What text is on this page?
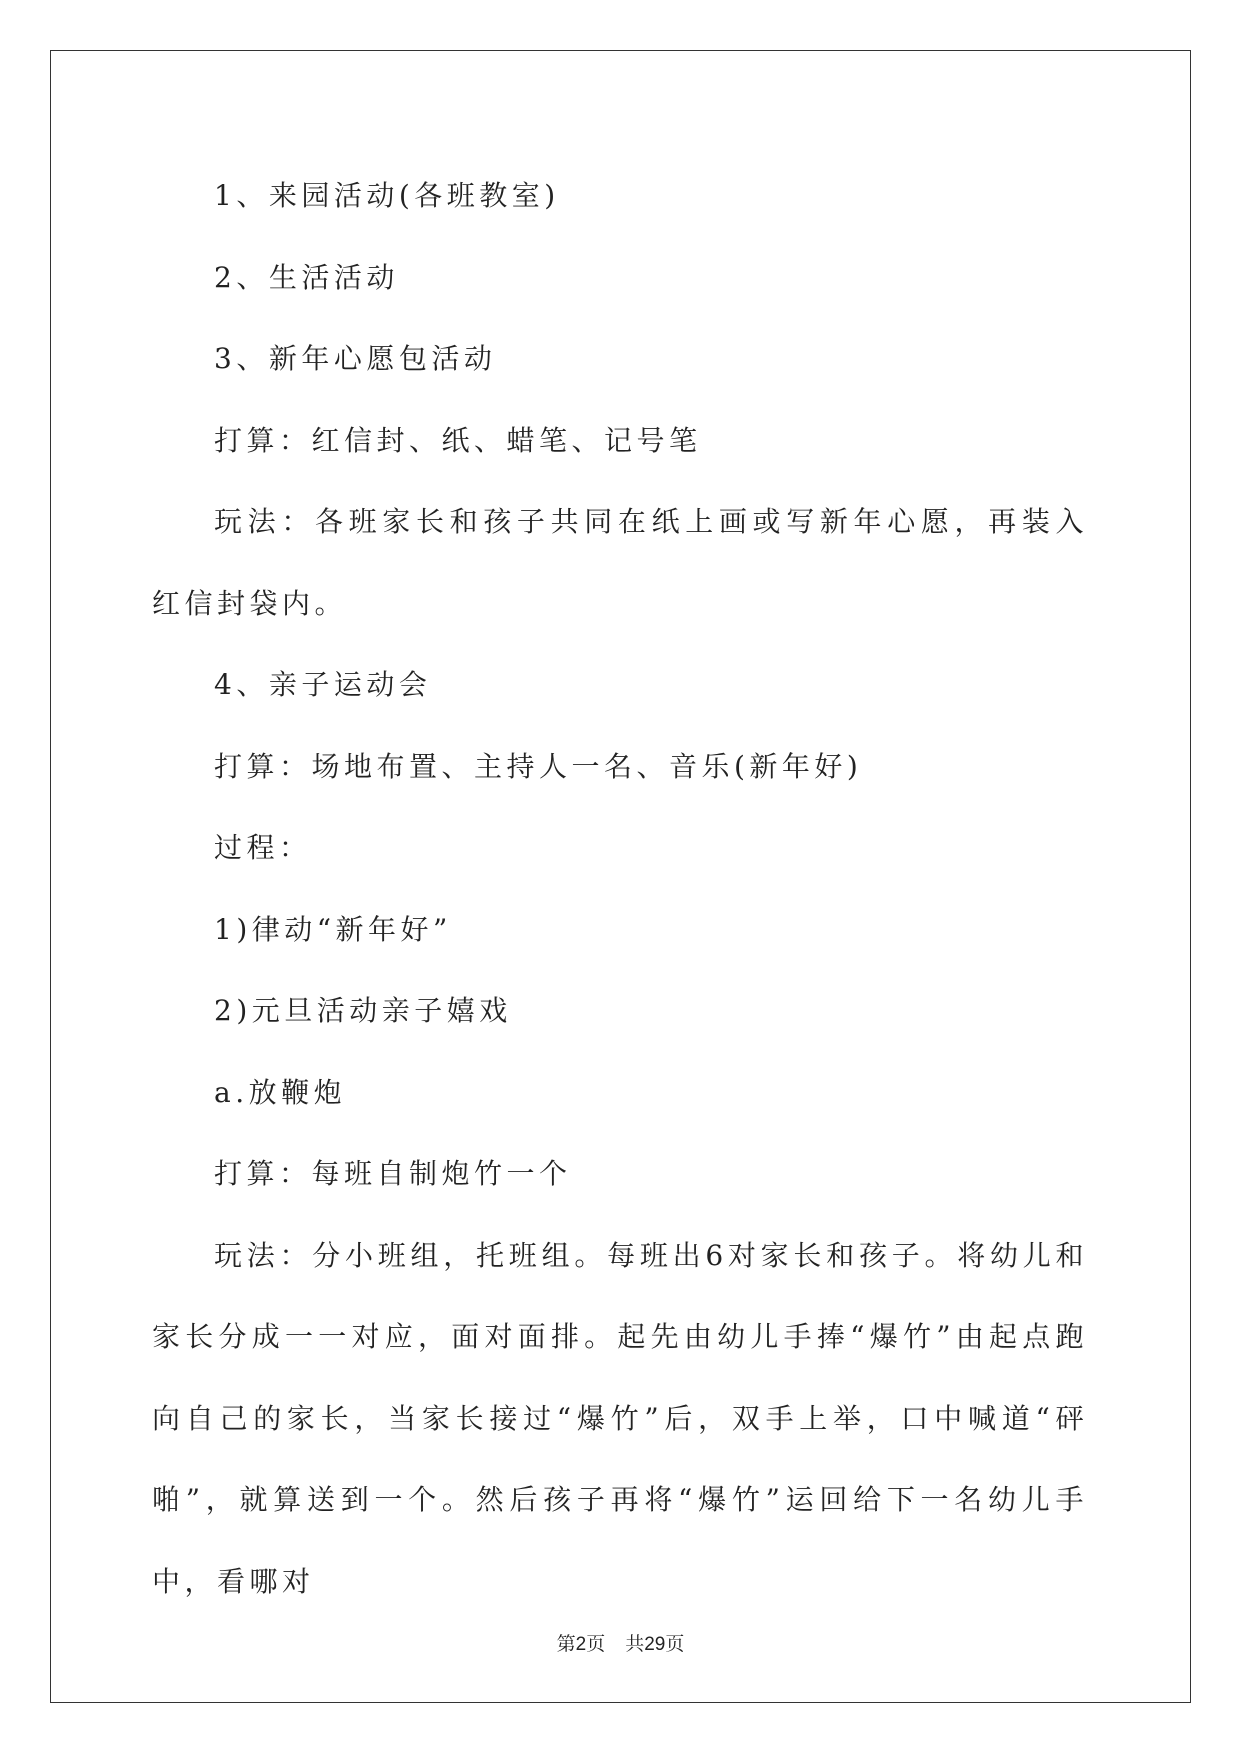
1、来园活动(各班教室)

2、生活活动

3、新年心愿包活动

打算：红信封、纸、蜡笔、记号笔

玩法：各班家长和孩子共同在纸上画或写新年心愿，再装入红信封袋内。

4、亲子运动会

打算：场地布置、主持人一名、音乐(新年好)

过程：

1)律动“新年好”

2)元旦活动亲子嬉戏

a.放鞭炮

打算：每班自制炮竹一个

玩法：分小班组，托班组。每班出6对家长和孩子。将幼儿和家长分成一一对应，面对面排。起先由幼儿手捧“爆竹”由起点跑向自己的家长，当家长接过“爆竹”后，双手上举，口中喊道“砰啪”，就算送到一个。然后孩子再将“爆竹”运回给下一名幼儿手中，看哪对

第2页 共29页
